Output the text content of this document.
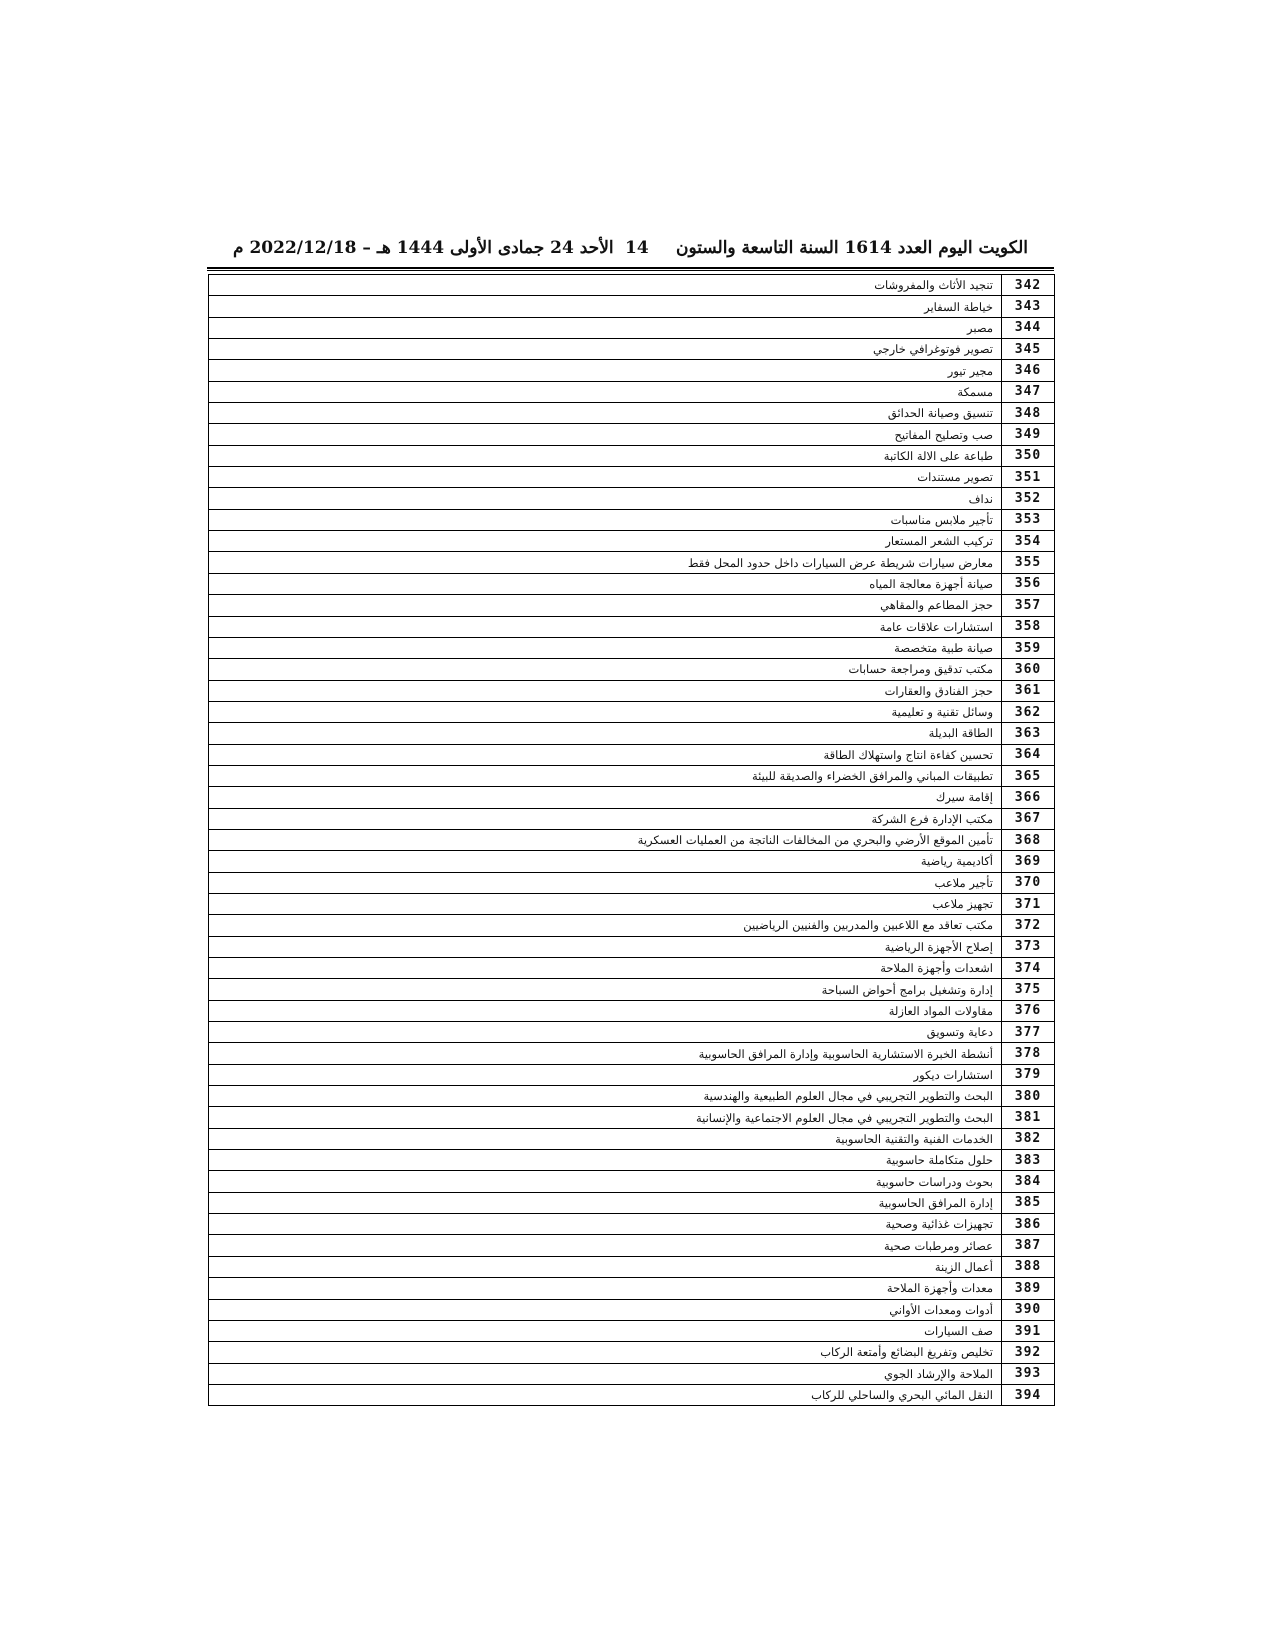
الكويت اليوم العدد 1614 السنة التاسعة والستون
14
الأحد 24 جمادى الأولى 1444 هـ – 2022/12/18 م
342	تنجيد الأثاث والمفروشات
343	خياطة السفاير
344	مصبر
345	تصوير فوتوغرافي خارجي
346	مجير تيور
347	مسمكة
348	تنسيق وصيانة الحدائق
349	صب وتصليح المفاتيح
350	طباعة على الالة الكاتبة
351	تصوير مستندات
352	نداف
353	تأجير ملابس مناسبات
354	تركيب الشعر المستعار
355	معارض سيارات شريطة عرض السيارات داخل حدود المحل فقط
356	صيانة أجهزة معالجة المياه
357	حجز المطاعم والمقاهي
358	استشارات علاقات عامة
359	صيانة طبية متخصصة
360	مكتب تدقيق ومراجعة حسابات
361	حجز الفنادق والعقارات
362	وسائل تقنية و تعليمية
363	الطاقة البديلة
364	تحسين كفاءة انتاج واستهلاك الطاقة
365	تطبيقات المباني والمرافق الخضراء والصديقة للبيئة
366	إقامة سيرك
367	مكتب الإدارة فرع الشركة
368	تأمين الموقع الأرضي والبحري من المخالفات الناتجة من العمليات العسكرية
369	أكاديمية رياضية
370	تأجير ملاعب
371	تجهيز ملاعب
372	مكتب تعاقد مع اللاعبين والمدربين والفنيين الرياضيين
373	إصلاح الأجهزة الرياضية
374	اشعدات وأجهزة الملاحة
375	إدارة وتشغيل برامج أحواض السباحة
376	مقاولات المواد العازلة
377	دعاية وتسويق
378	أنشطة الخبرة الاستشارية الحاسوبية وإدارة المرافق الحاسوبية
379	استشارات ديكور
380	البحث والتطوير التجريبي في مجال العلوم الطبيعية والهندسية
381	البحث والتطوير التجريبي في مجال العلوم الاجتماعية والإنسانية
382	الخدمات الفنية والتقنية الحاسوبية
383	حلول متكاملة حاسوبية
384	بحوث ودراسات حاسوبية
385	إدارة المرافق الحاسوبية
386	تجهيزات غذائية وصحية
387	عصائر ومرطبات صحية
388	أعمال الزينة
389	معدات وأجهزة الملاحة
390	أدوات ومعدات الأواني
391	صف السيارات
392	تخليص وتفريغ البضائع وأمتعة الركاب
393	الملاحة والإرشاد الجوي
394	النقل المائي البحري والساحلي للركاب
